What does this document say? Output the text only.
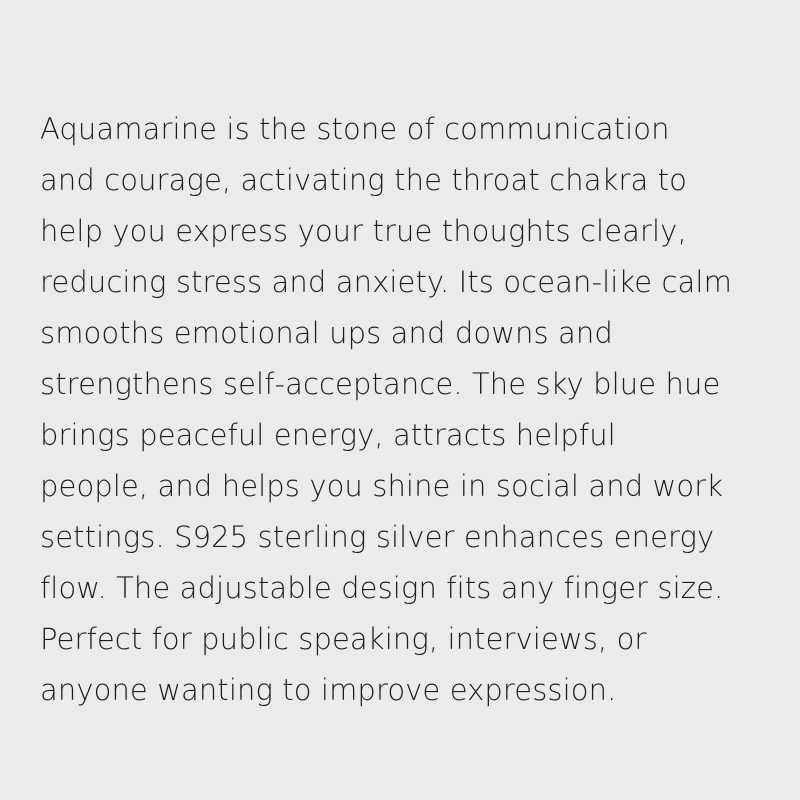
Aquamarine is the stone of communication
and courage, activating the throat chakra to
help you express your true thoughts clearly,
reducing stress and anxiety. Its ocean-like calm
smooths emotional ups and downs and
strengthens self-acceptance. The sky blue hue
brings peaceful energy, attracts helpful
people, and helps you shine in social and work
settings. S925 sterling silver enhances energy
flow. The adjustable design fits any finger size.
Perfect for public speaking, interviews, or
anyone wanting to improve expression.
